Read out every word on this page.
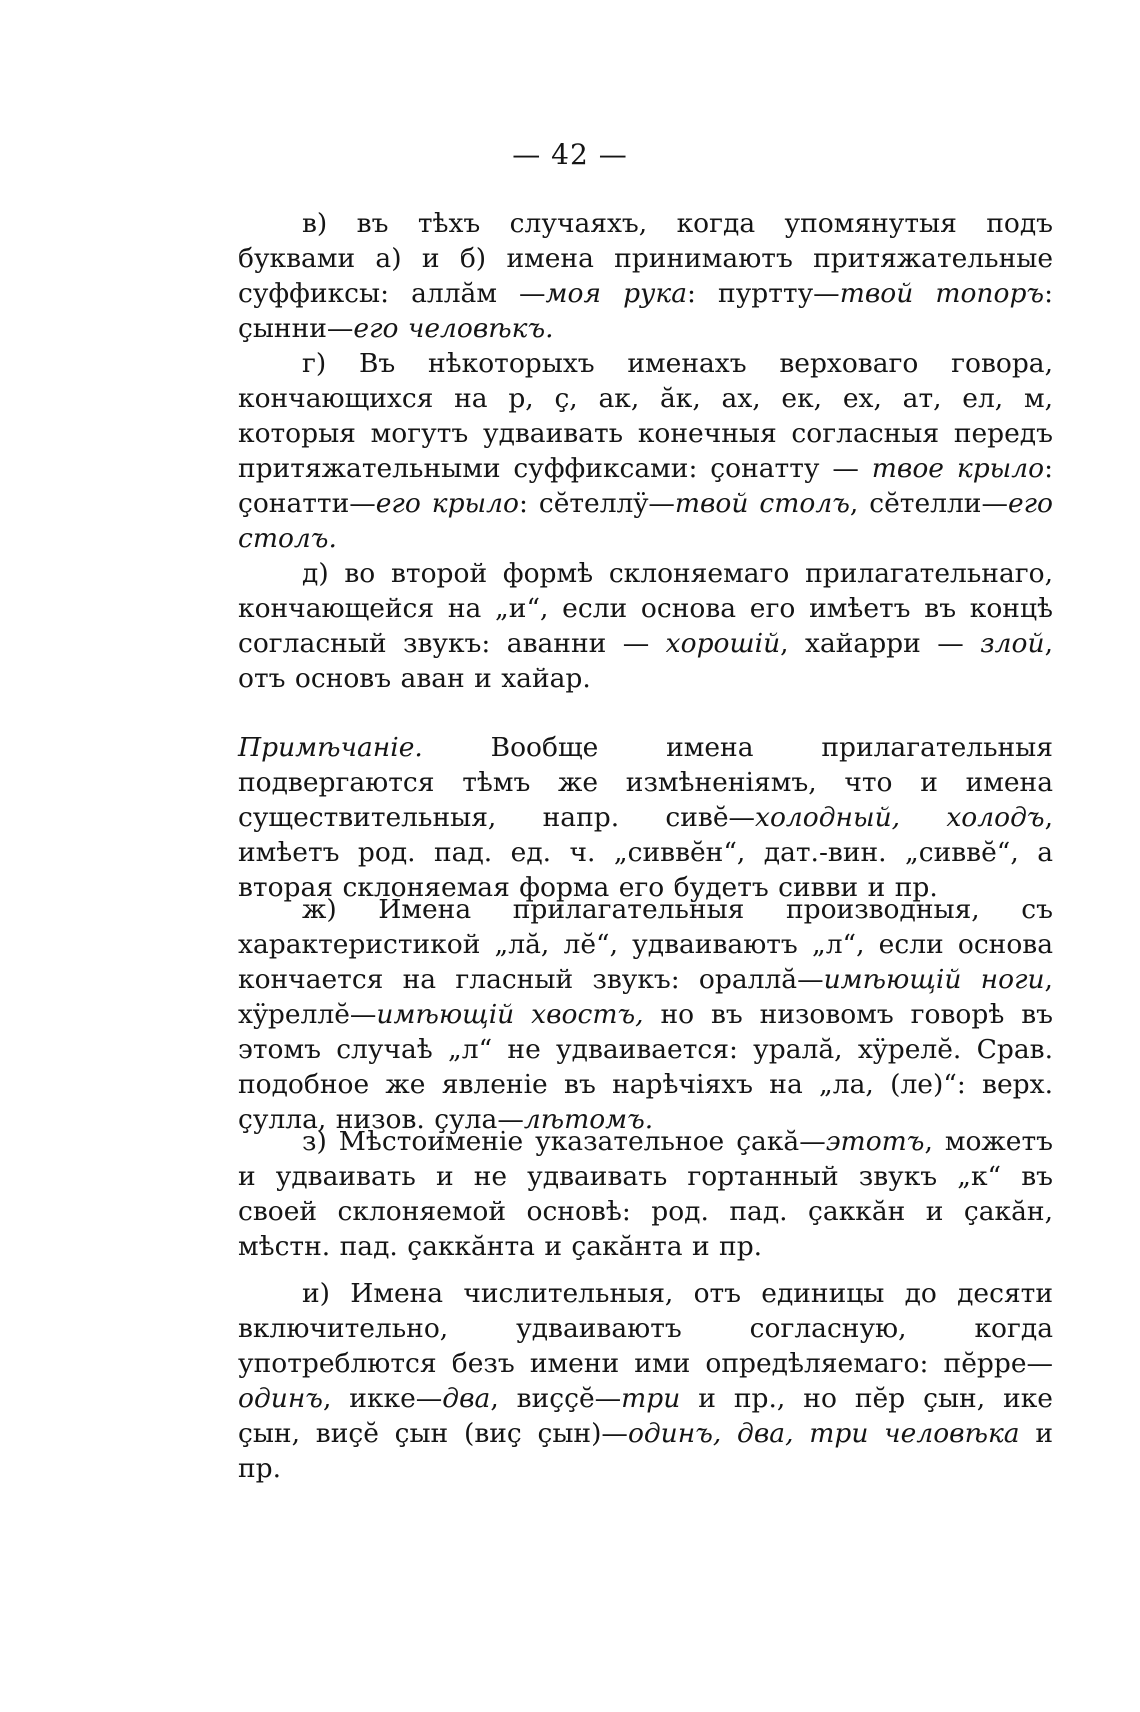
— 42 —

в) въ тѣхъ случаяхъ, когда упомянутыя подъ буквами а) и б) имена принимаютъ притяжательные суффиксы: аллăм —моя рука: пуртту—твой топоръ: çынни—его человѣкъ.

г) Въ нѣкоторыхъ именахъ верховаго говора, кончающихся на р, ç, ак, ăк, ах, ек, ех, ат, ел, м, которыя могутъ удваивать конечныя согласныя передъ притяжательными суффиксами: çонатту — твое крыло: çонатти—его крыло: сĕтеллÿ—твой столъ, сĕтелли—его столъ.

д) во второй формѣ склоняемаго прилагательнаго, кончающейся на „и“, если основа его имѣетъ въ концѣ согласный звукъ: аванни — хорошій, хайарри — злой, отъ основъ аван и хайар.

Примѣчаніе. Вообще имена прилагательныя подвергаются тѣмъ же измѣненіямъ, что и имена существительныя, напр. сивĕ—холодный, холодъ, имѣетъ род. пад. ед. ч. „сиввĕн“, дат.-вин. „сиввĕ“, а вторая склоняемая форма его будетъ сивви и пр.

ж) Имена прилагательныя производныя, съ характеристикой „лă, лĕ“, удваиваютъ „л“, если основа кончается на гласный звукъ: ораллă—имѣющій ноги, хÿреллĕ—имѣющій хвостъ, но въ низовомъ говорѣ въ этомъ случаѣ „л“ не удваивается: уралă, хÿрелĕ. Срав. подобное же явленіе въ нарѣчіяхъ на „ла, (ле)“: верх. çулла, низов. çула—лѣтомъ.

з) Мѣстоименіе указательное çакă—этотъ, можетъ и удваивать и не удваивать гортанный звукъ „к“ въ своей склоняемой основѣ: род. пад. çаккăн и çакăн, мѣстн. пад. çаккăнта и çакăнта и пр.

и) Имена числительныя, отъ единицы до десяти включительно, удваиваютъ согласную, когда употреблются безъ имени ими опредѣляемаго: пĕрре—одинъ, икке—два, виççĕ—три и пр., но пĕр çын, ике çын, виçĕ çын (виç çын)—одинъ, два, три человѣка и пр.
